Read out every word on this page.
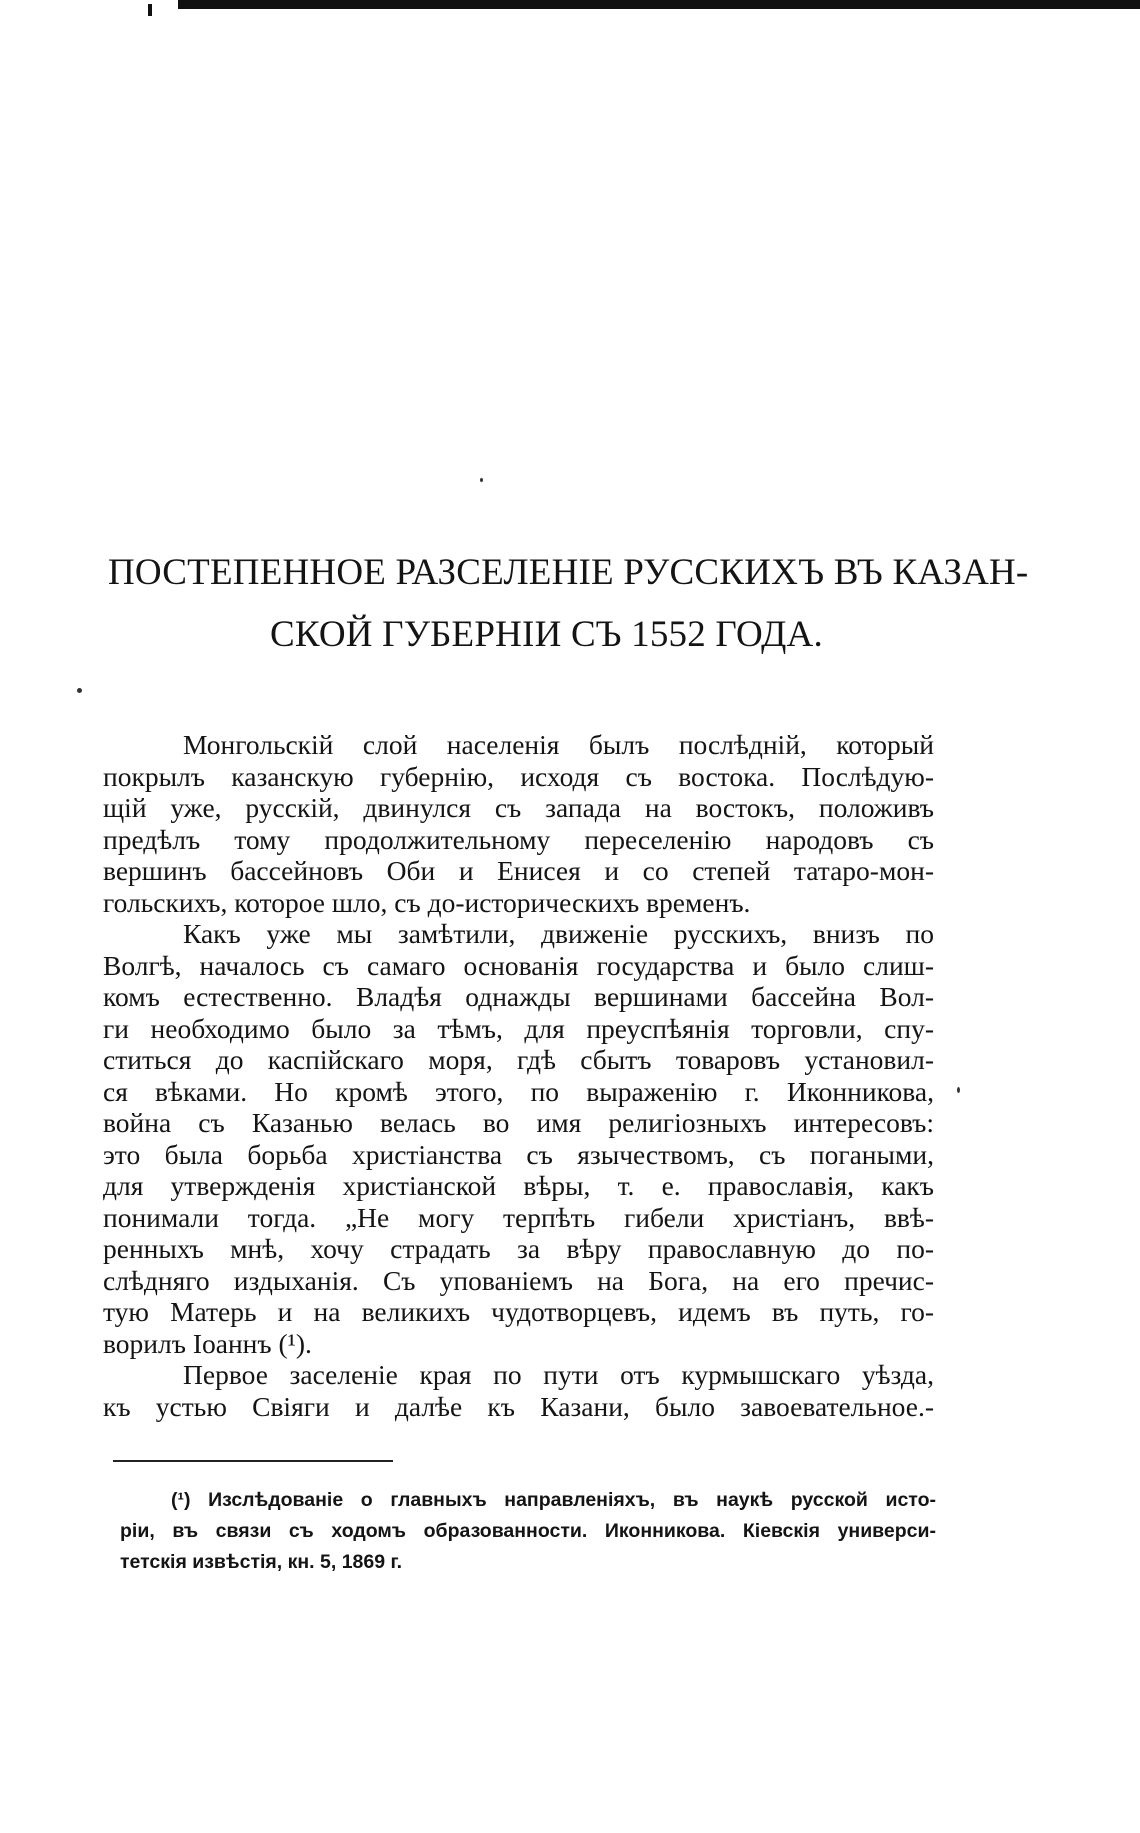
ПОСТЕПЕННОЕ РАЗСЕЛЕНІЕ РУССКИХЪ ВЪ КАЗАН-
СКОЙ ГУБЕРНІИ СЪ 1552 ГОДА.
Монгольскій слой населенія былъ послѣдній, который
покрылъ казанскую губернію, исходя съ востока. Послѣдую-
щій уже, русскій, двинулся съ запада на востокъ, положивъ
предѣлъ тому продолжительному переселенію народовъ съ
вершинъ бассейновъ Оби и Енисея и со степей татаро-мон-
гольскихъ, которое шло, съ до-историческихъ временъ.
Какъ уже мы замѣтили, движеніе русскихъ, внизъ по
Волгѣ, началось съ самаго основанія государства и было слиш-
комъ естественно. Владѣя однажды вершинами бассейна Вол-
ги необходимо было за тѣмъ, для преуспѣянія торговли, спу-
ститься до каспійскаго моря, гдѣ сбытъ товаровъ установил-
ся вѣками. Но кромѣ этого, по выраженію г. Иконникова,
война съ Казанью велась во имя религіозныхъ интересовъ:
это была борьба христіанства съ язычествомъ, съ погаными,
для утвержденія христіанской вѣры, т. е. православія, какъ
понимали тогда. „Не могу терпѣть гибели христіанъ, ввѣ-
ренныхъ мнѣ, хочу страдать за вѣру православную до по-
слѣдняго издыханія. Съ упованіемъ на Бога, на его пречис-
тую Матерь и на великихъ чудотворцевъ, идемъ въ путь, го-
ворилъ Іоаннъ (¹).
Первое заселеніе края по пути отъ курмышскаго уѣзда,
къ устью Свіяги и далѣе къ Казани, было завоевательное.-
(¹) Изслѣдованіе о главныхъ направленіяхъ, въ наукѣ русской исто-
ріи, въ связи съ ходомъ образованности. Иконникова. Кіевскія универси-
тетскія извѣстія, кн. 5, 1869 г.
